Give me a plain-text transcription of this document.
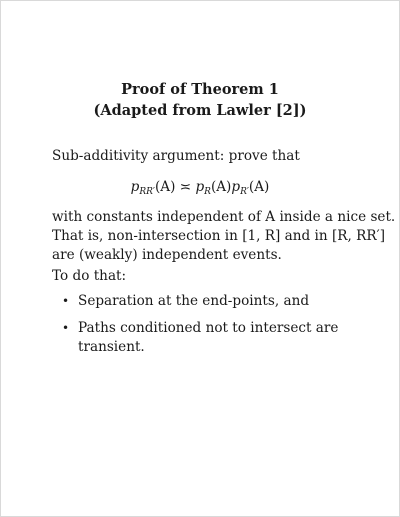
Proof of Theorem 1
(Adapted from Lawler [2])
Sub-additivity argument: prove that
$p_{RR'}(A)$ ≍ $p_R(A)p_{R'}(A)$
with constants independent of A inside a nice set.
That is, non-intersection in [1, R] and in [R, RR′]
are (weakly) independent events.
To do that:
• Separation at the end-points, and
• Paths conditioned not to intersect are
transient.
